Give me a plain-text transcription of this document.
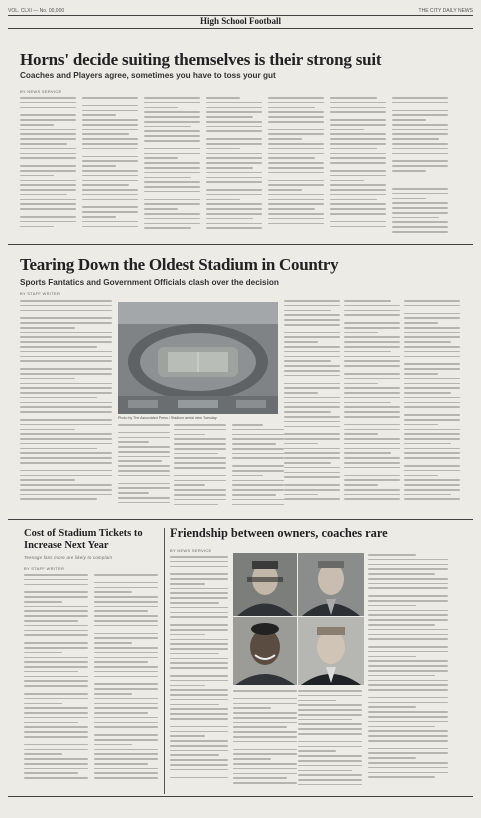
VOL. CLXI — No. 00,000	THE CITY DAILY NEWS
High School Football
Horns' decide suiting themselves is their strong suit
Coaches and Players agree, sometimes you have to toss your gut
BY NEWS SERVICE
Tearing Down the Oldest Stadium in Country
Sports Fantatics and Government Officials clash over the decision
BY STAFF WRITER
Photo by The Associated Press / Stadium aerial view Tuesday
Cost of Stadium Tickets to Increase Next Year
Teenage fans more are likely to complain
BY STAFF WRITER
Friendship between owners, coaches rare
BY NEWS SERVICE
